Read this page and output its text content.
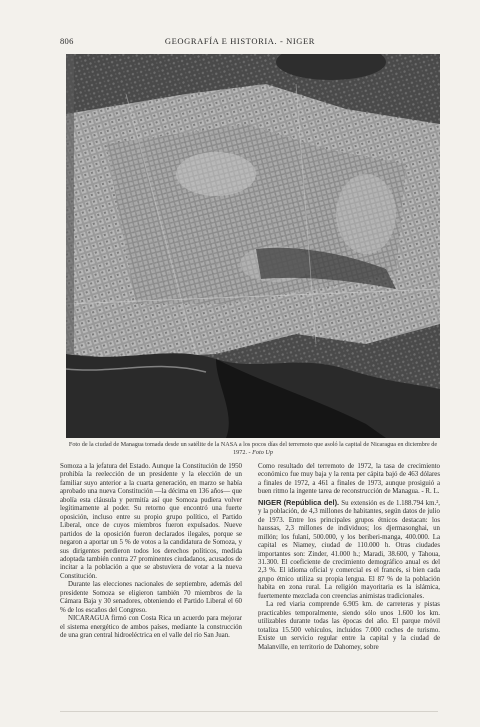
806	GEOGRAFÍA E HISTORIA. - NIGER
Foto de la ciudad de Managua tomada desde un satélite de la NASA a los pocos días del terremoto que asoló la capital de Nicaragua en diciembre de 1972. - Foto Up

Somoza a la jefatura del Estado. Aunque la Constitución de 1950 prohibía la reelección de un presidente y la elección de un familiar suyo anterior a la cuarta generación, en marzo se había aprobado una nueva Constitución —la décima en 136 años— que abolía esta cláusula y permitía así que Somoza pudiera volver legítimamente al poder. Su retorno que encontró una fuerte oposición, incluso entre su propio grupo político, el Partido Liberal, once de cuyos miembros fueron expulsados. Nueve partidos de la oposición fueron declarados ilegales, porque se negaron a aportar un 5 % de votos a la candidatura de Somoza, y sus dirigentes perdieron todos los derechos políticos, medida adoptada también contra 27 prominentes ciudadanos, acusados de incitar a la población a que se abstuviera de votar a la nueva Constitución.

Durante las elecciones nacionales de septiembre, además del presidente Somoza se eligieron también 70 miembros de la Cámara Baja y 30 senadores, obteniendo el Partido Liberal el 60 % de los escaños del Congreso.

NICARAGUA firmó con Costa Rica un acuerdo para mejorar el sistema energético de ambos países, mediante la construcción de una gran central hidroeléctrica en el valle del río San Juan.

Como resultado del terremoto de 1972, la tasa de crecimiento económico fue muy baja y la renta per cápita bajó de 463 dólares a finales de 1972, a 461 a finales de 1973, aunque prosiguió a buen ritmo la ingente tarea de reconstrucción de Managua. - R. L.

NIGER (República del). Su extensión es de 1.188.794 km.², y la población, de 4,3 millones de habitantes, según datos de julio de 1973. Entre los principales grupos étnicos destacan: los haussas, 2,3 millones de individuos; los djermasonghai, un millón; los fulaní, 500.000, y los beriberi-manga, 400.000. La capital es Niamey, ciudad de 110.000 h. Otras ciudades importantes son: Zinder, 41.000 h.; Maradi, 38.600, y Tahoua, 31.300. El coeficiente de crecimiento demográfico anual es del 2,3 %. El idioma oficial y comercial es el francés, si bien cada grupo étnico utiliza su propia lengua. El 87 % de la población habita en zona rural. La religión mayoritaria es la islámica, fuertemente mezclada con creencias animistas tradicionales.

La red viaria comprende 6.905 km. de carreteras y pistas practicables temporalmente, siendo sólo unos 1.600 los km. utilizables durante todas las épocas del año. El parque móvil totaliza 15.500 vehículos, incluidos 7.000 coches de turismo. Existe un servicio regular entre la capital y la ciudad de Malanville, en territorio de Dahomey, sobre
